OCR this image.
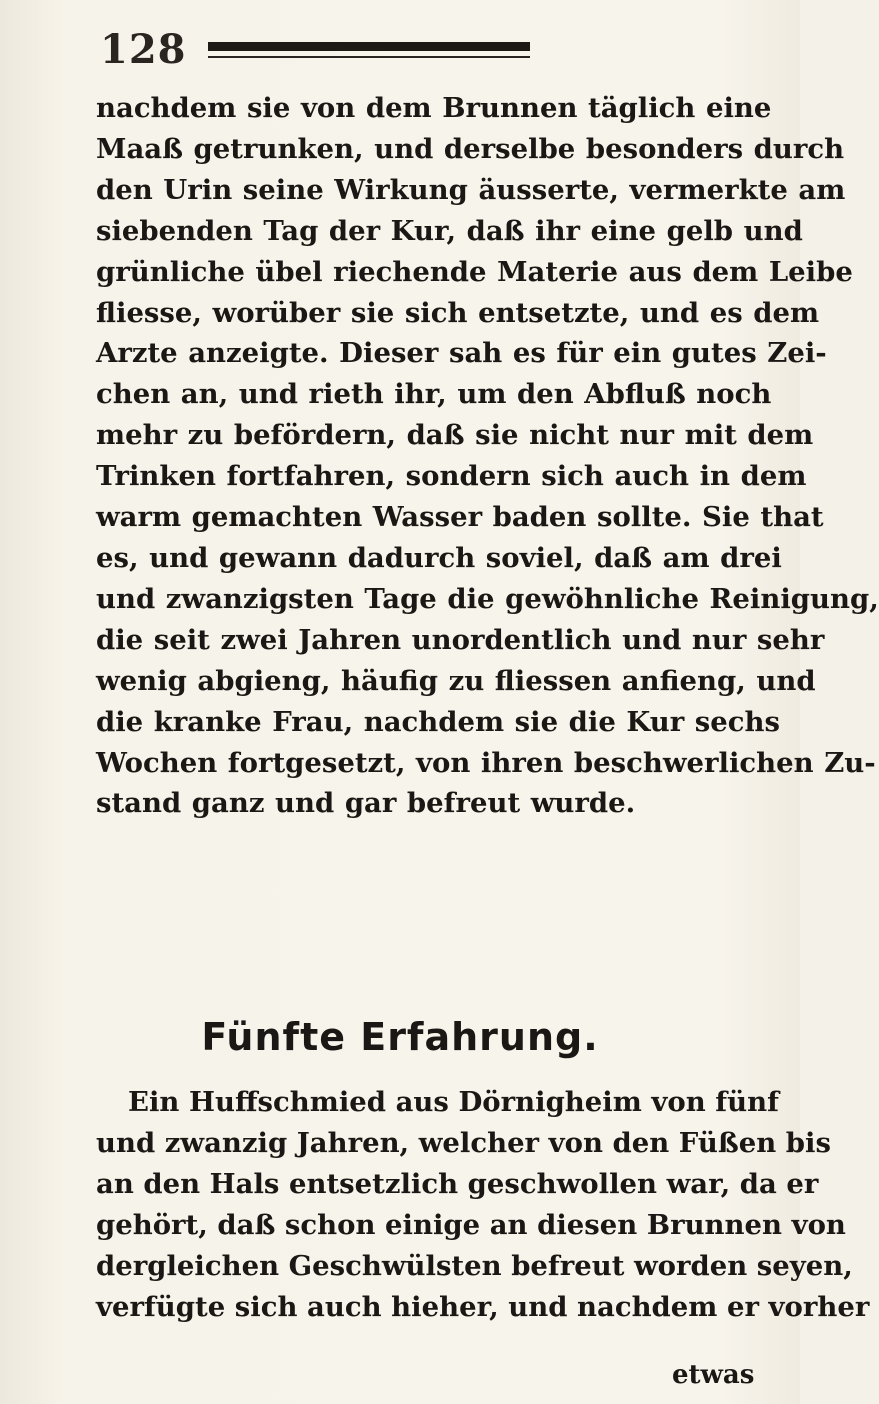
128
nachdem sie von dem Brunnen täglich eine
Maaß getrunken, und derselbe besonders durch
den Urin seine Wirkung äusserte, vermerkte am
siebenden Tag der Kur, daß ihr eine gelb und
grünliche übel riechende Materie aus dem Leibe
fliesse, worüber sie sich entsetzte, und es dem
Arzte anzeigte. Dieser sah es für ein gutes Zei-
chen an, und rieth ihr, um den Abfluß noch
mehr zu befördern, daß sie nicht nur mit dem
Trinken fortfahren, sondern sich auch in dem
warm gemachten Wasser baden sollte. Sie that
es, und gewann dadurch soviel, daß am drei
und zwanzigsten Tage die gewöhnliche Reinigung,
die seit zwei Jahren unordentlich und nur sehr
wenig abgieng, häufig zu fliessen anfieng, und
die kranke Frau, nachdem sie die Kur sechs
Wochen fortgesetzt, von ihren beschwerlichen Zu-
stand ganz und gar befreut wurde.
Fünfte Erfahrung.
Ein Huffschmied aus Dörnigheim von fünf
und zwanzig Jahren, welcher von den Füßen bis
an den Hals entsetzlich geschwollen war, da er
gehört, daß schon einige an diesen Brunnen von
dergleichen Geschwülsten befreut worden seyen,
verfügte sich auch hieher, und nachdem er vorher
etwas
